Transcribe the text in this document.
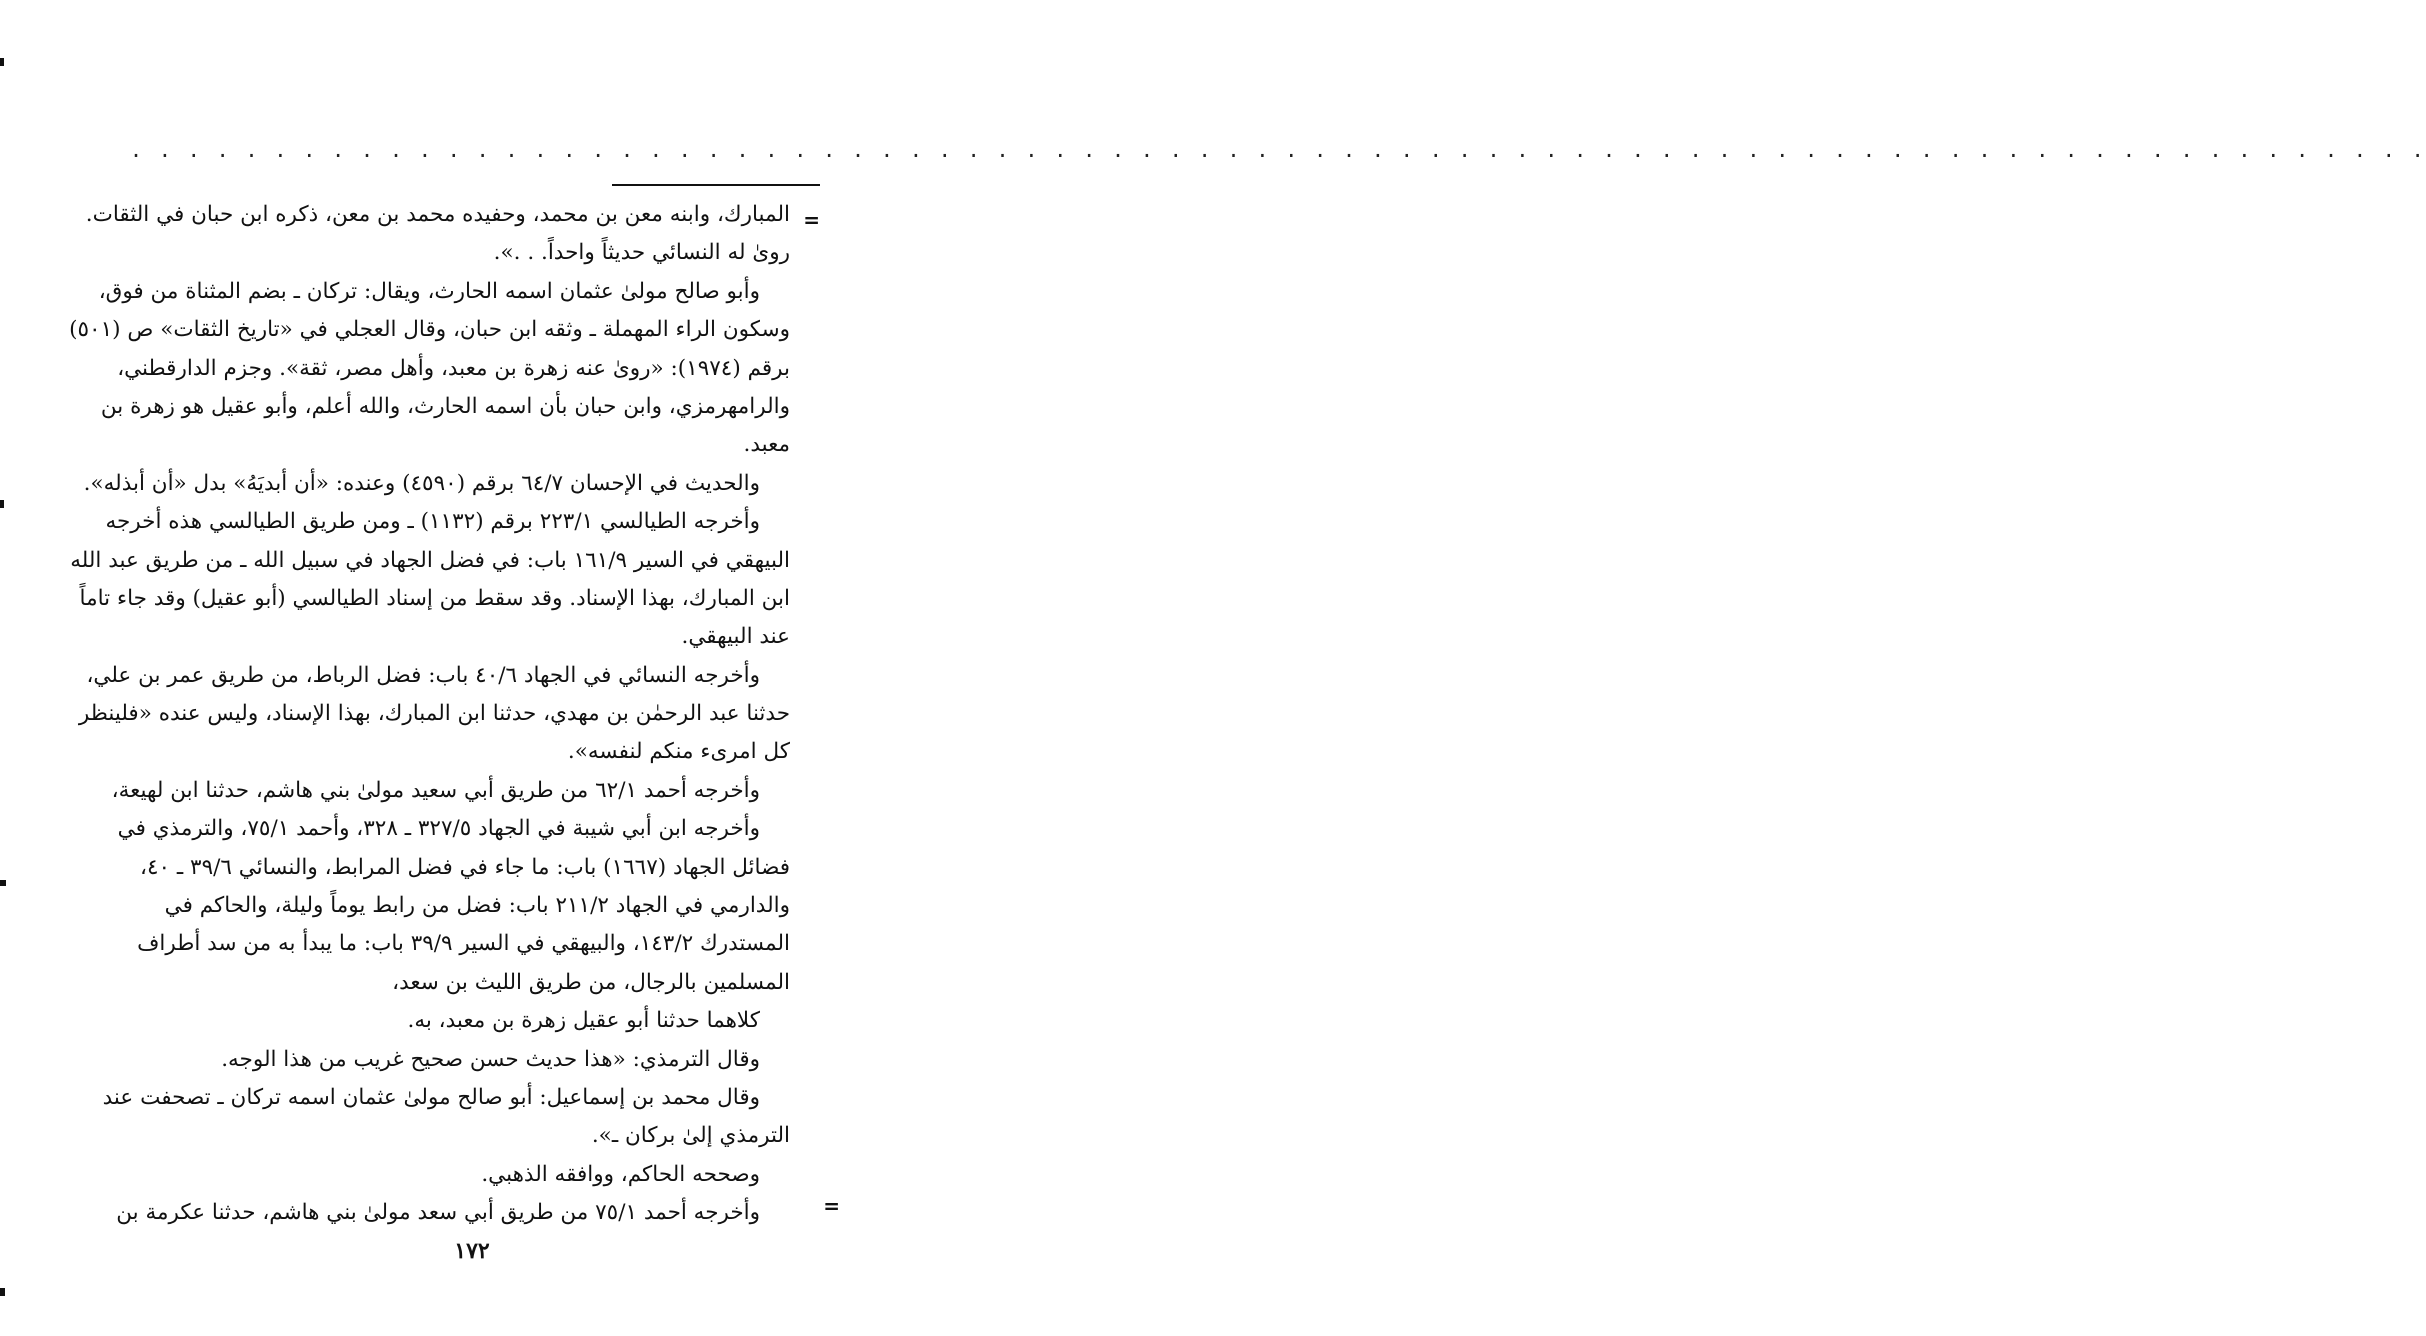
. . . . . . . . . . . . . . . . . . . . . . . . . . . . . . . . . . . . . . . . . . . . . . . . . . . . . . . . . . . . . . . . . . . . . . . . . . . . . . . .
=
المبارك، وابنه معن بن محمد، وحفيده محمد بن معن، ذكره ابن حبان في الثقات.
روىٰ له النسائي حديثاً واحداً. . .».
وأبو صالح مولىٰ عثمان اسمه الحارث، ويقال: تركان ـ بضم المثناة من فوق،
وسكون الراء المهملة ـ وثقه ابن حبان، وقال العجلي في «تاريخ الثقات» ص (٥٠١)
برقم (١٩٧٤): «روىٰ عنه زهرة بن معبد، وأهل مصر، ثقة». وجزم الدارقطني،
والرامهرمزي، وابن حبان بأن اسمه الحارث، والله أعلم، وأبو عقيل هو زهرة بن
معبد.
والحديث في الإحسان ٦٤/٧ برقم (٤٥٩٠) وعنده: «أن أبديَهُ» بدل «أن أبذله».
وأخرجه الطيالسي ٢٢٣/١ برقم (١١٣٢) ـ ومن طريق الطيالسي هذه أخرجه
البيهقي في السير ١٦١/٩ باب: في فضل الجهاد في سبيل الله ـ من طريق عبد الله
ابن المبارك، بهذا الإسناد. وقد سقط من إسناد الطيالسي (أبو عقيل) وقد جاء تاماً
عند البيهقي.
وأخرجه النسائي في الجهاد ٤٠/٦ باب: فضل الرباط، من طريق عمر بن علي،
حدثنا عبد الرحمٰن بن مهدي، حدثنا ابن المبارك، بهذا الإسناد، وليس عنده «فلينظر
كل امرىء منكم لنفسه».
وأخرجه أحمد ٦٢/١ من طريق أبي سعيد مولىٰ بني هاشم، حدثنا ابن لهيعة،
وأخرجه ابن أبي شيبة في الجهاد ٣٢٧/٥ ـ ٣٢٨، وأحمد ٧٥/١، والترمذي في
فضائل الجهاد (١٦٦٧) باب: ما جاء في فضل المرابط، والنسائي ٣٩/٦ ـ ٤٠،
والدارمي في الجهاد ٢١١/٢ باب: فضل من رابط يوماً وليلة، والحاكم في
المستدرك ١٤٣/٢، والبيهقي في السير ٣٩/٩ باب: ما يبدأ به من سد أطراف
المسلمين بالرجال، من طريق الليث بن سعد،
كلاهما حدثنا أبو عقيل زهرة بن معبد، به.
وقال الترمذي: «هذا حديث حسن صحيح غريب من هذا الوجه.
وقال محمد بن إسماعيل: أبو صالح مولىٰ عثمان اسمه تركان ـ تصحفت عند
الترمذي إلىٰ بركان ـ».
وصححه الحاكم، ووافقه الذهبي.
وأخرجه أحمد ٧٥/١ من طريق أبي سعد مولىٰ بني هاشم، حدثنا عكرمة بن	=
١٧٢
